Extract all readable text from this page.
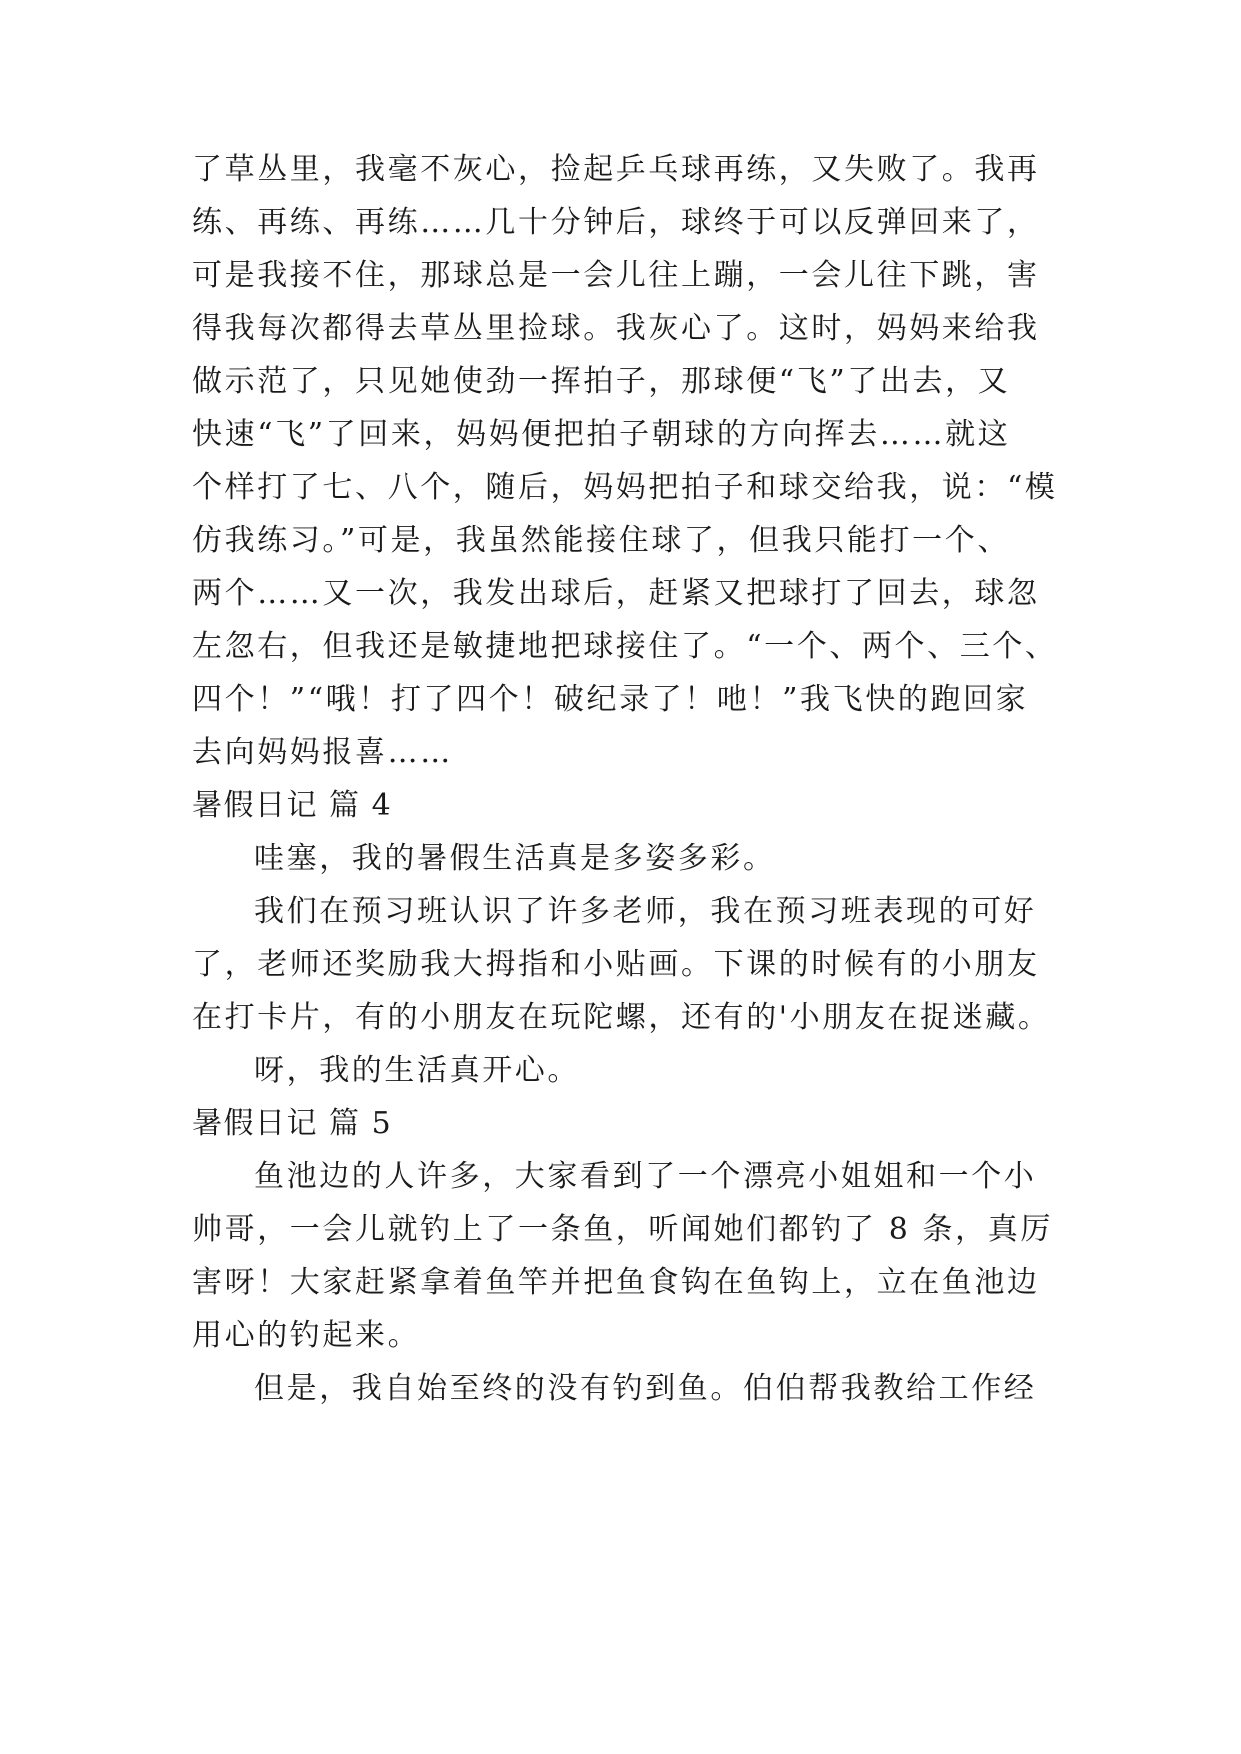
了草丛里，我毫不灰心，捡起乒乓球再练，又失败了。我再
练、再练、再练……几十分钟后，球终于可以反弹回来了，
可是我接不住，那球总是一会儿往上蹦，一会儿往下跳，害
得我每次都得去草丛里捡球。我灰心了。这时，妈妈来给我
做示范了，只见她使劲一挥拍子，那球便“飞”了出去，又
快速“飞”了回来，妈妈便把拍子朝球的方向挥去……就这
个样打了七、八个，随后，妈妈把拍子和球交给我，说：“模
仿我练习。”可是，我虽然能接住球了，但我只能打一个、
两个……又一次，我发出球后，赶紧又把球打了回去，球忽
左忽右，但我还是敏捷地把球接住了。“一个、两个、三个、
四个！”“哦！打了四个！破纪录了！吔！”我飞快的跑回家
去向妈妈报喜……
暑假日记 篇 4
哇塞，我的暑假生活真是多姿多彩。
我们在预习班认识了许多老师，我在预习班表现的可好
了，老师还奖励我大拇指和小贴画。下课的时候有的小朋友
在打卡片，有的小朋友在玩陀螺，还有的'小朋友在捉迷藏。
呀，我的生活真开心。
暑假日记 篇 5
鱼池边的人许多，大家看到了一个漂亮小姐姐和一个小
帅哥，一会儿就钓上了一条鱼，听闻她们都钓了 8 条，真厉
害呀！大家赶紧拿着鱼竿并把鱼食钩在鱼钩上，立在鱼池边
用心的钓起来。
但是，我自始至终的没有钓到鱼。伯伯帮我教给工作经
